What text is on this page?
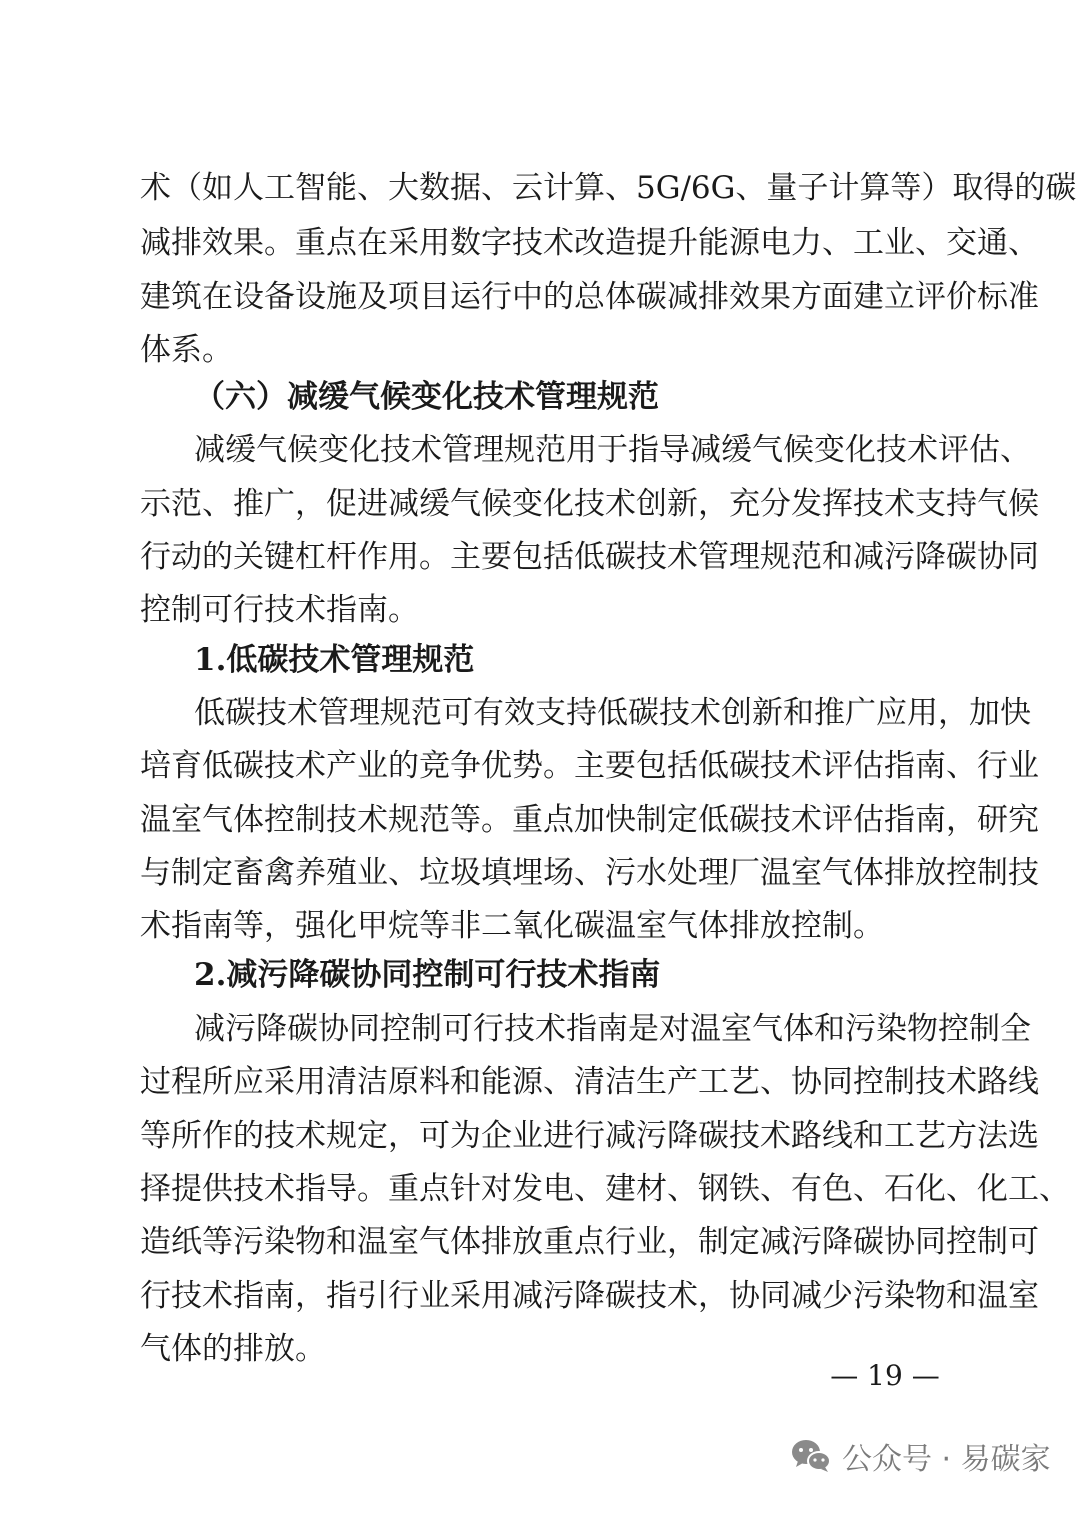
术（如人工智能、大数据、云计算、5G/6G、量子计算等）取得的碳
减排效果。重点在采用数字技术改造提升能源电力、工业、交通、
建筑在设备设施及项目运行中的总体碳减排效果方面建立评价标准
体系。
（六）减缓气候变化技术管理规范
减缓气候变化技术管理规范用于指导减缓气候变化技术评估、
示范、推广，促进减缓气候变化技术创新，充分发挥技术支持气候
行动的关键杠杆作用。主要包括低碳技术管理规范和减污降碳协同
控制可行技术指南。
1.低碳技术管理规范
低碳技术管理规范可有效支持低碳技术创新和推广应用，加快
培育低碳技术产业的竞争优势。主要包括低碳技术评估指南、行业
温室气体控制技术规范等。重点加快制定低碳技术评估指南，研究
与制定畜禽养殖业、垃圾填埋场、污水处理厂温室气体排放控制技
术指南等，强化甲烷等非二氧化碳温室气体排放控制。
2.减污降碳协同控制可行技术指南
减污降碳协同控制可行技术指南是对温室气体和污染物控制全
过程所应采用清洁原料和能源、清洁生产工艺、协同控制技术路线
等所作的技术规定，可为企业进行减污降碳技术路线和工艺方法选
择提供技术指导。重点针对发电、建材、钢铁、有色、石化、化工、
造纸等污染物和温室气体排放重点行业，制定减污降碳协同控制可
行技术指南，指引行业采用减污降碳技术，协同减少污染物和温室
气体的排放。
— 19 —
公众号 · 易碳家
